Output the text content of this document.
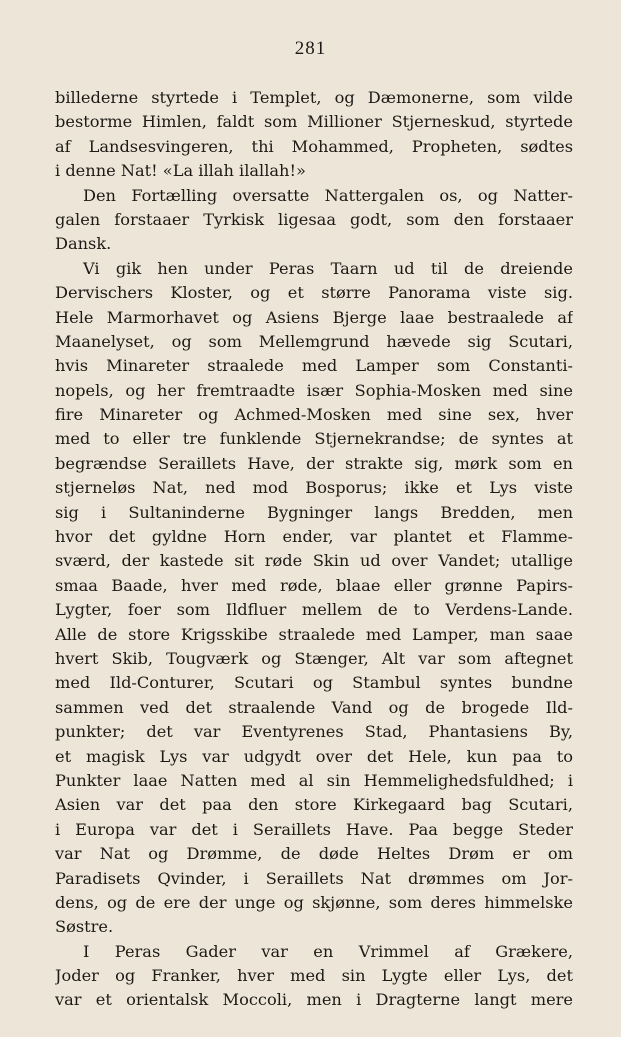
281
billederne styrtede i Templet, og Dæmonerne, som vilde
bestorme Himlen, faldt som Millioner Stjerneskud, styrtede
af Landsesvingeren, thi Mohammed, Propheten, sødtes
i denne Nat! «La illah ilallah!»
Den Fortælling oversatte Nattergalen os, og Natter-
galen forstaaer Tyrkisk ligesaa godt, som den forstaaer
Dansk.
Vi gik hen under Peras Taarn ud til de dreiende
Dervischers Kloster, og et større Panorama viste sig.
Hele Marmorhavet og Asiens Bjerge laae bestraalede af
Maanelyset, og som Mellemgrund hævede sig Scutari,
hvis Minareter straalede med Lamper som Constanti-
nopels, og her fremtraadte især Sophia-Mosken med sine
fire Minareter og Achmed-Mosken med sine sex, hver
med to eller tre funklende Stjernekrandse; de syntes at
begrændse Seraillets Have, der strakte sig, mørk som en
stjerneløs Nat, ned mod Bosporus; ikke et Lys viste
sig i Sultaninderne Bygninger langs Bredden, men
hvor det gyldne Horn ender, var plantet et Flamme-
sværd, der kastede sit røde Skin ud over Vandet; utallige
smaa Baade, hver med røde, blaae eller grønne Papirs-
Lygter, foer som Ildfluer mellem de to Verdens-Lande.
Alle de store Krigsskibe straalede med Lamper, man saae
hvert Skib, Tougværk og Stænger, Alt var som aftegnet
med Ild-Conturer, Scutari og Stambul syntes bundne
sammen ved det straalende Vand og de brogede Ild-
punkter; det var Eventyrenes Stad, Phantasiens By,
et magisk Lys var udgydt over det Hele, kun paa to
Punkter laae Natten med al sin Hemmelighedsfuldhed; i
Asien var det paa den store Kirkegaard bag Scutari,
i Europa var det i Seraillets Have. Paa begge Steder
var Nat og Drømme, de døde Heltes Drøm er om
Paradisets Qvinder, i Seraillets Nat drømmes om Jor-
dens, og de ere der unge og skjønne, som deres himmelske
Søstre.
I Peras Gader var en Vrimmel af Grækere,
Joder og Franker, hver med sin Lygte eller Lys, det
var et orientalsk Moccoli, men i Dragterne langt mere
